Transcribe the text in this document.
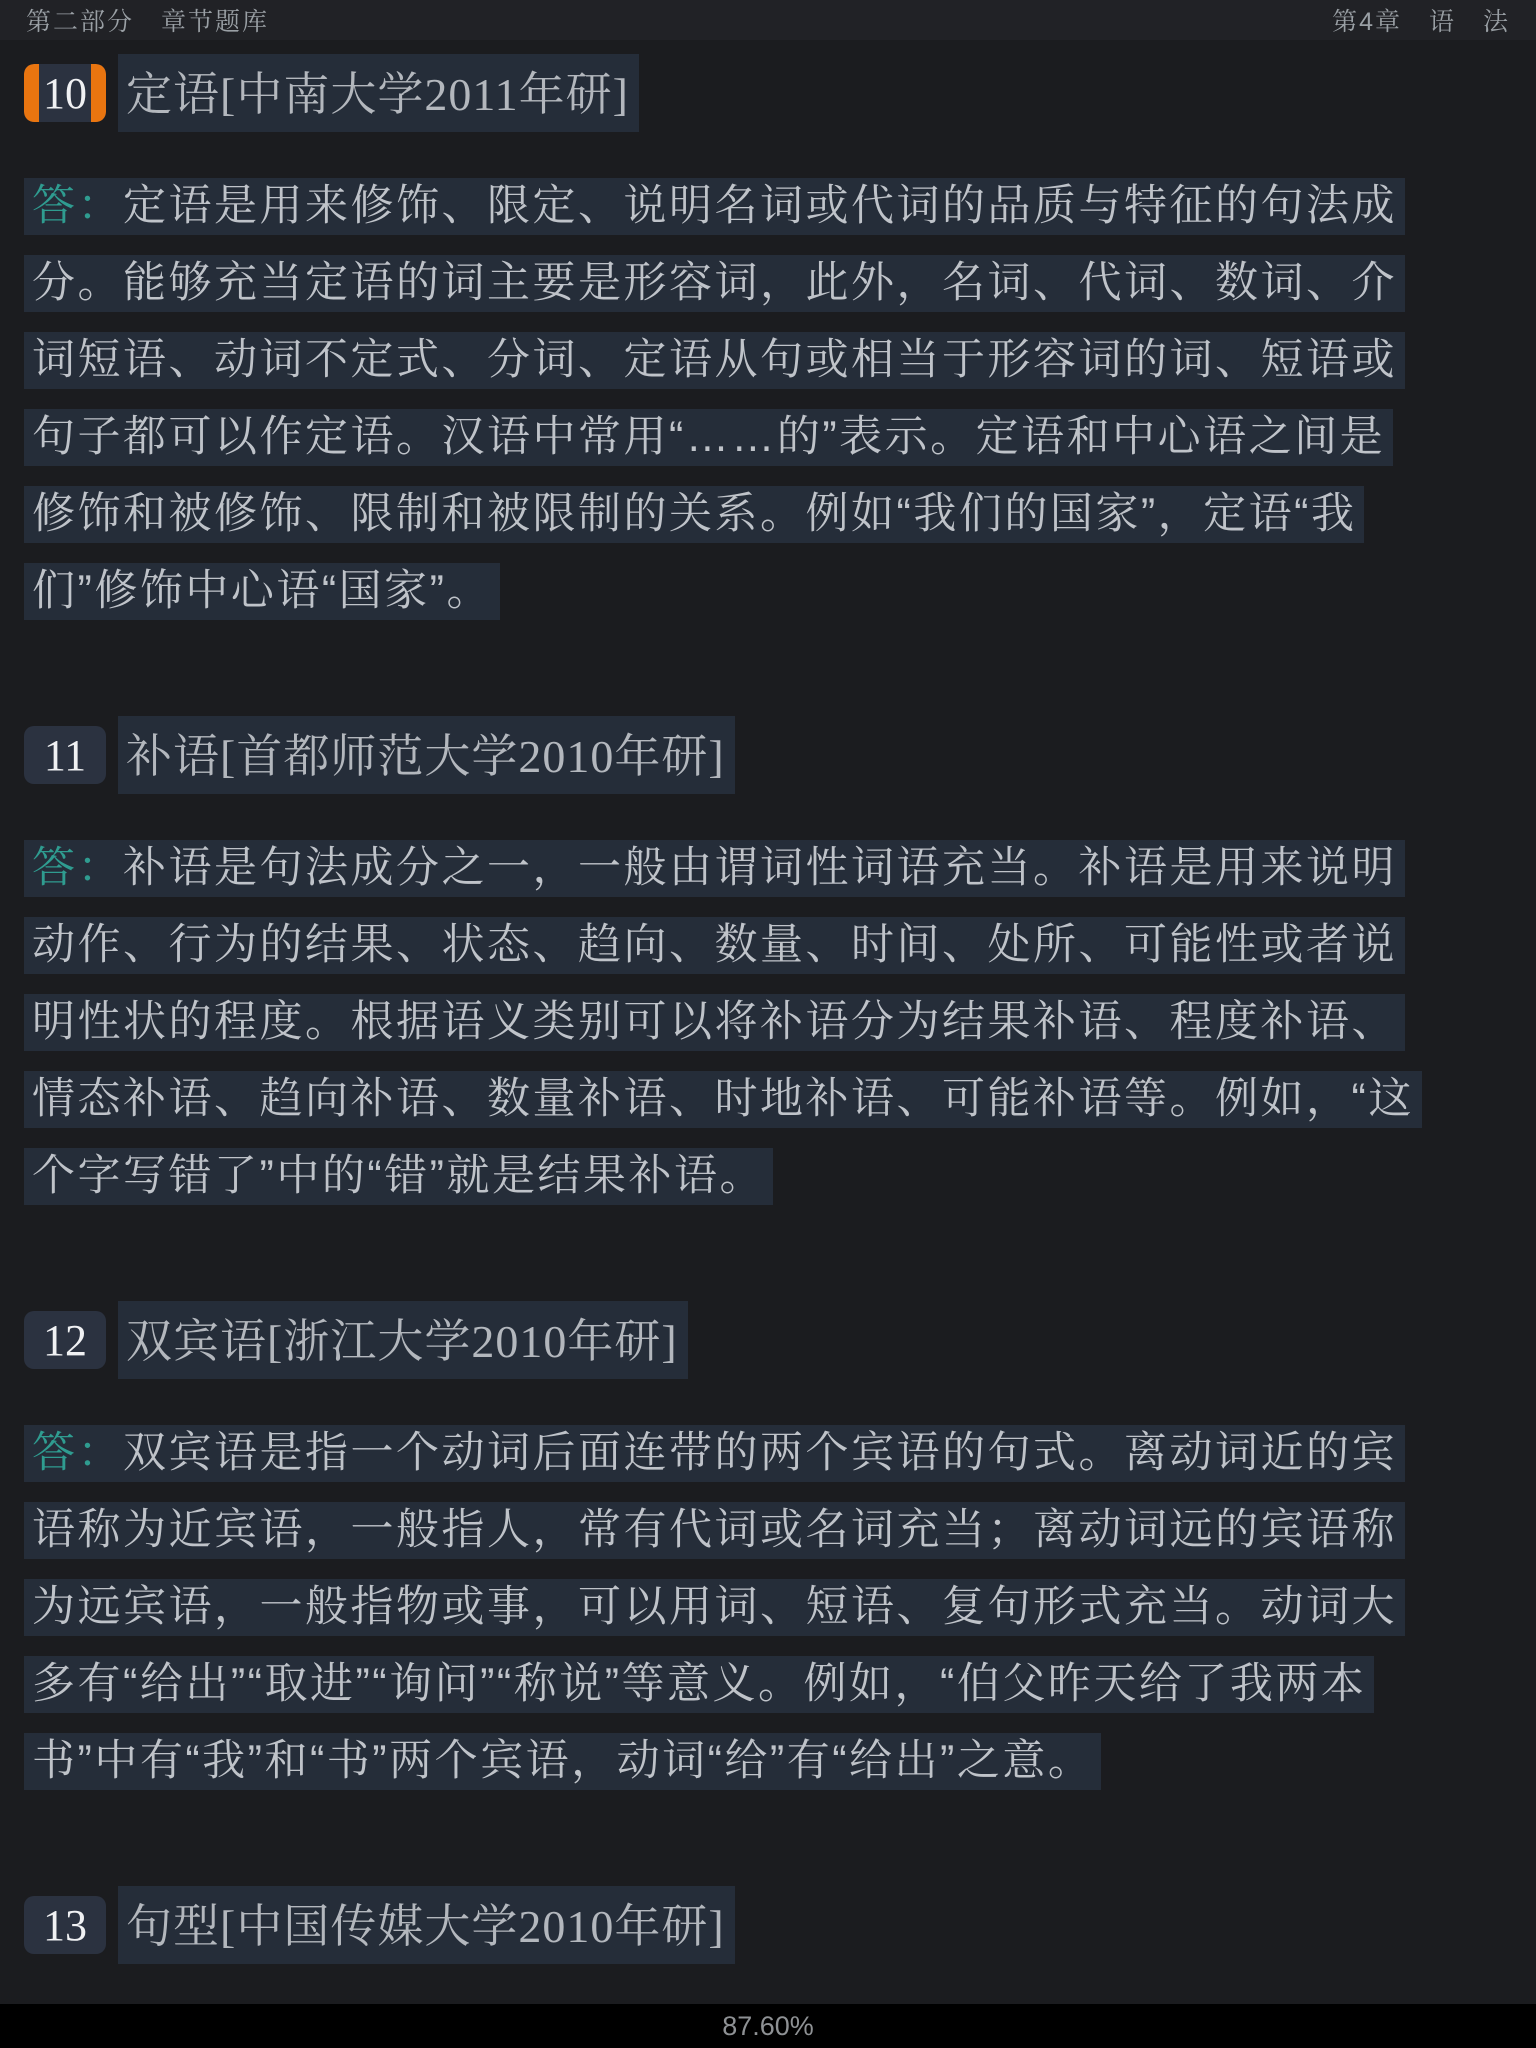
第二部分　章节题库	第4章　语　法
10 定语[中南大学2011年研]
答：定语是用来修饰、限定、说明名词或代词的品质与特征的句法成
分。能够充当定语的词主要是形容词，此外，名词、代词、数词、介
词短语、动词不定式、分词、定语从句或相当于形容词的词、短语或
句子都可以作定语。汉语中常用“……的”表示。定语和中心语之间是
修饰和被修饰、限制和被限制的关系。例如“我们的国家”，定语“我
们”修饰中心语“国家”。
11 补语[首都师范大学2010年研]
答：补语是句法成分之一，一般由谓词性词语充当。补语是用来说明
动作、行为的结果、状态、趋向、数量、时间、处所、可能性或者说
明性状的程度。根据语义类别可以将补语分为结果补语、程度补语、
情态补语、趋向补语、数量补语、时地补语、可能补语等。例如，“这
个字写错了”中的“错”就是结果补语。
12 双宾语[浙江大学2010年研]
答：双宾语是指一个动词后面连带的两个宾语的句式。离动词近的宾
语称为近宾语，一般指人，常有代词或名词充当；离动词远的宾语称
为远宾语，一般指物或事，可以用词、短语、复句形式充当。动词大
多有“给出”“取进”“询问”“称说”等意义。例如，“伯父昨天给了我两本
书”中有“我”和“书”两个宾语，动词“给”有“给出”之意。
13 句型[中国传媒大学2010年研]
87.60%
